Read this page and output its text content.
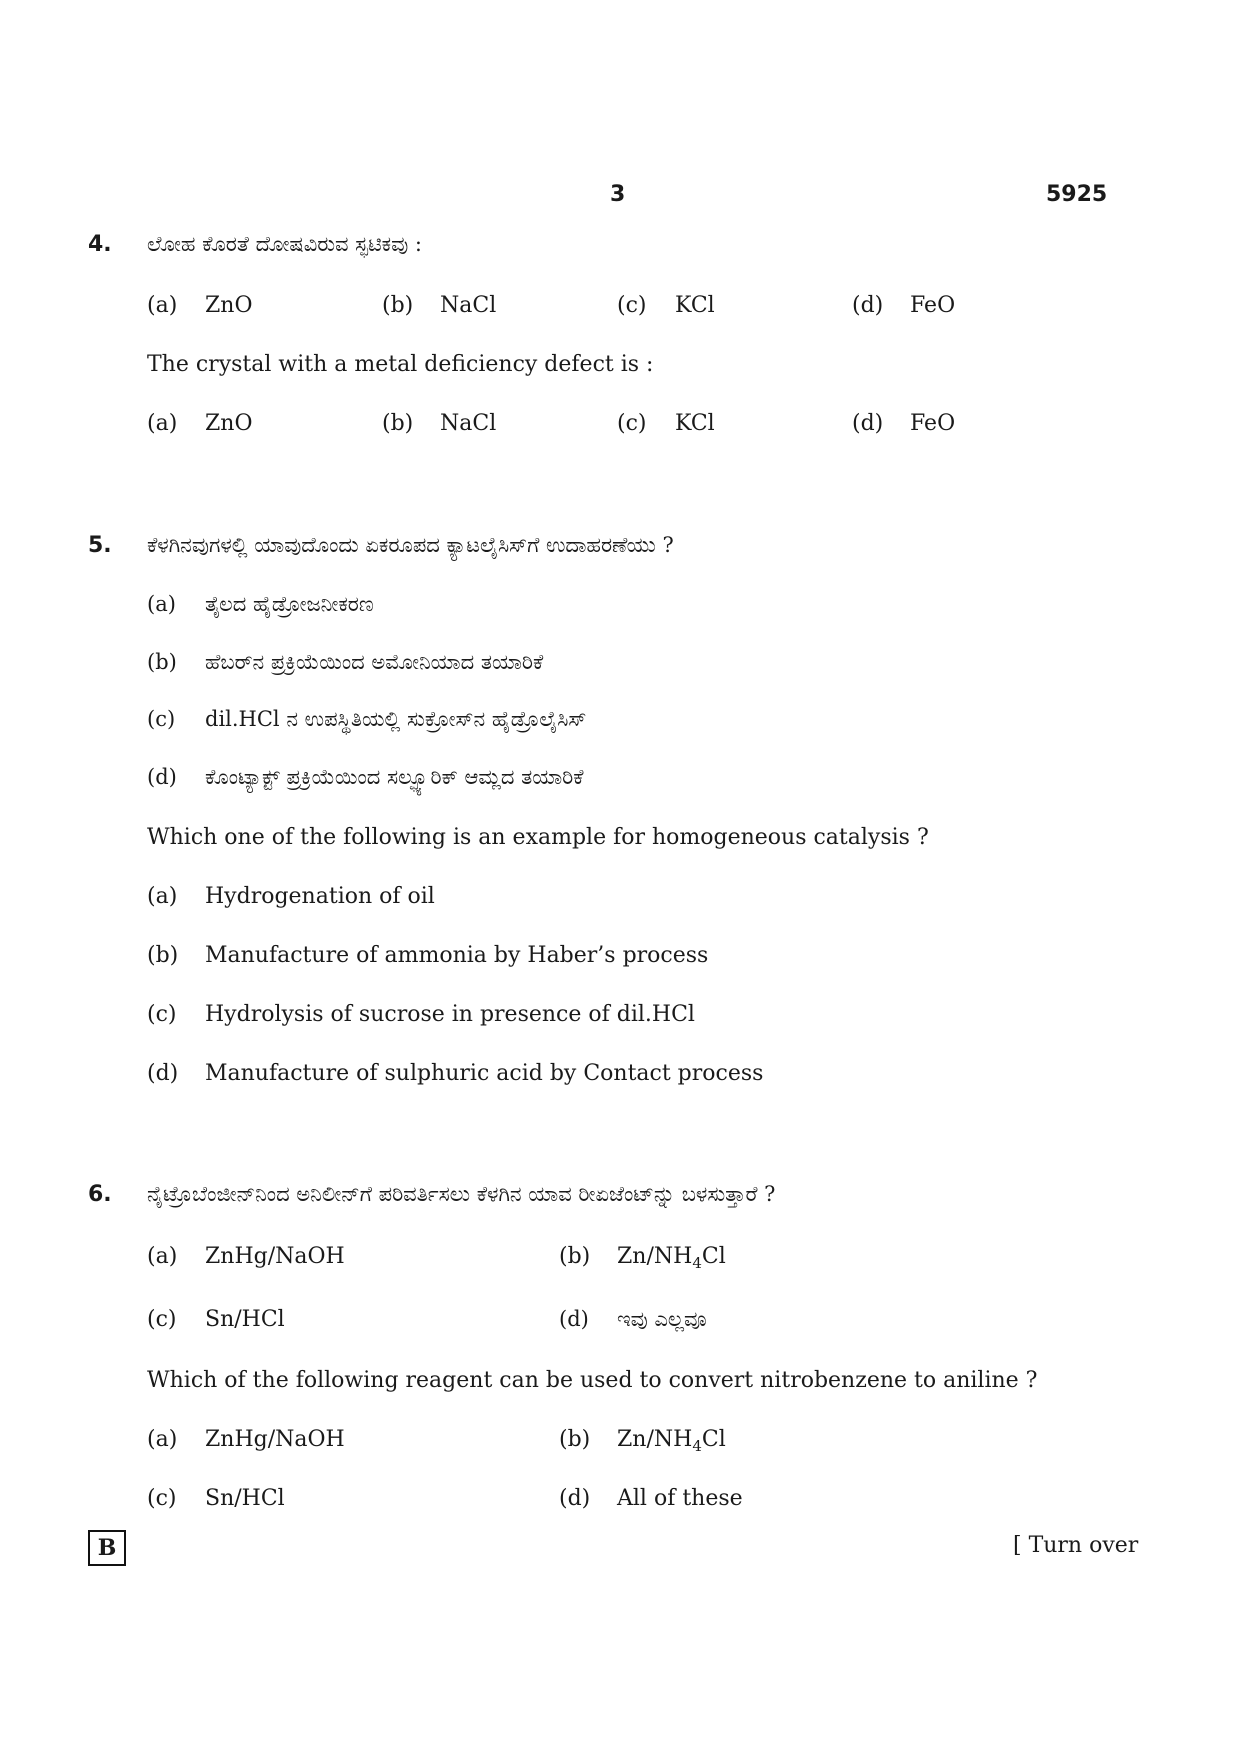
3	5925
4. ಲೋಹ ಕೊರತೆ ದೋಷವಿರುವ ಸ್ಫಟಿಕವು :
(a) ZnO	(b) NaCl	(c) KCl	(d) FeO
The crystal with a metal deficiency defect is :
(a) ZnO	(b) NaCl	(c) KCl	(d) FeO
5. ಕೆಳಗಿನವುಗಳಲ್ಲಿ ಯಾವುದೊಂದು ಏಕರೂಪದ ಕ್ಯಾಟಲೈಸಿಸ್‌ಗೆ ಉದಾಹರಣೆಯು ?
(a) ತೈಲದ ಹೈಡ್ರೋಜನೀಕರಣ
(b) ಹೆಬರ್‌ನ ಪ್ರಕ್ರಿಯೆಯಿಂದ ಅಮೋನಿಯಾದ ತಯಾರಿಕೆ
(c) dil.HCl ನ ಉಪಸ್ಥಿತಿಯಲ್ಲಿ ಸುಕ್ರೋಸ್‌ನ ಹೈಡ್ರೊಲೈಸಿಸ್
(d) ಕೊಂಟ್ಯಾಕ್ಟ್ ಪ್ರಕ್ರಿಯೆಯಿಂದ ಸಲ್ಫ್ಯೂರಿಕ್ ಆಮ್ಲದ ತಯಾರಿಕೆ
Which one of the following is an example for homogeneous catalysis ?
(a) Hydrogenation of oil
(b) Manufacture of ammonia by Haber’s process
(c) Hydrolysis of sucrose in presence of dil.HCl
(d) Manufacture of sulphuric acid by Contact process
6. ನೈಟ್ರೊಬೆಂಜೀನ್‌ನಿಂದ ಅನಿಲೀನ್‌ಗೆ ಪರಿವರ್ತಿಸಲು ಕೆಳಗಿನ ಯಾವ ರೀಏಜೆಂಟ್‌ನ್ನು ಬಳಸುತ್ತಾರೆ ?
(a) ZnHg/NaOH	(b) $Zn/NH_4Cl$
(c) Sn/HCl	(d) ಇವು ಎಲ್ಲವೂ
Which of the following reagent can be used to convert nitrobenzene to aniline ?
(a) ZnHg/NaOH	(b) $Zn/NH_4Cl$
(c) Sn/HCl	(d) All of these
B	[ Turn over
